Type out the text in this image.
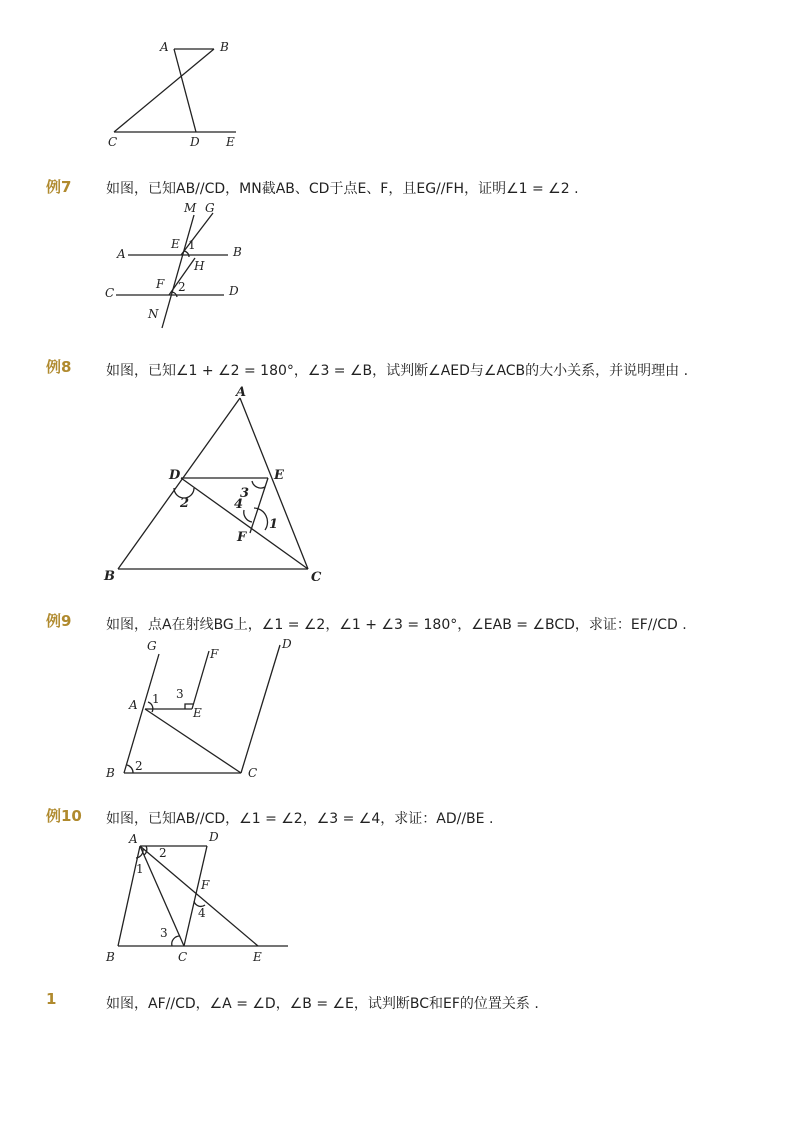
A	B
C	D E
例7 如图，已知AB//CD，MN截AB、CD于点E、F，且EG//FH，证明∠1 = ∠2 .
M G
A
E 1	B
H
C
F 2	D
N
例8 如图，已知∠1 + ∠2 = 180°，∠3 = ∠B，试判断∠AED与∠ACB的大小关系，并说明理由 .
A
D	E
3
4
2
1
F
B	C
例9 如图，点A在射线BG上，∠1 = ∠2，∠1 + ∠3 = 180°，∠EAB = ∠BCD，求证：EF//CD .
G
F
D
1 3
A
E
B 2	C
例10 如图，已知AB//CD，∠1 = ∠2，∠3 = ∠4，求证：AD//BE .
A	D
2
1
F
4
3
B	C	E
1	如图，AF//CD，∠A = ∠D，∠B = ∠E，试判断BC和EF的位置关系 .
